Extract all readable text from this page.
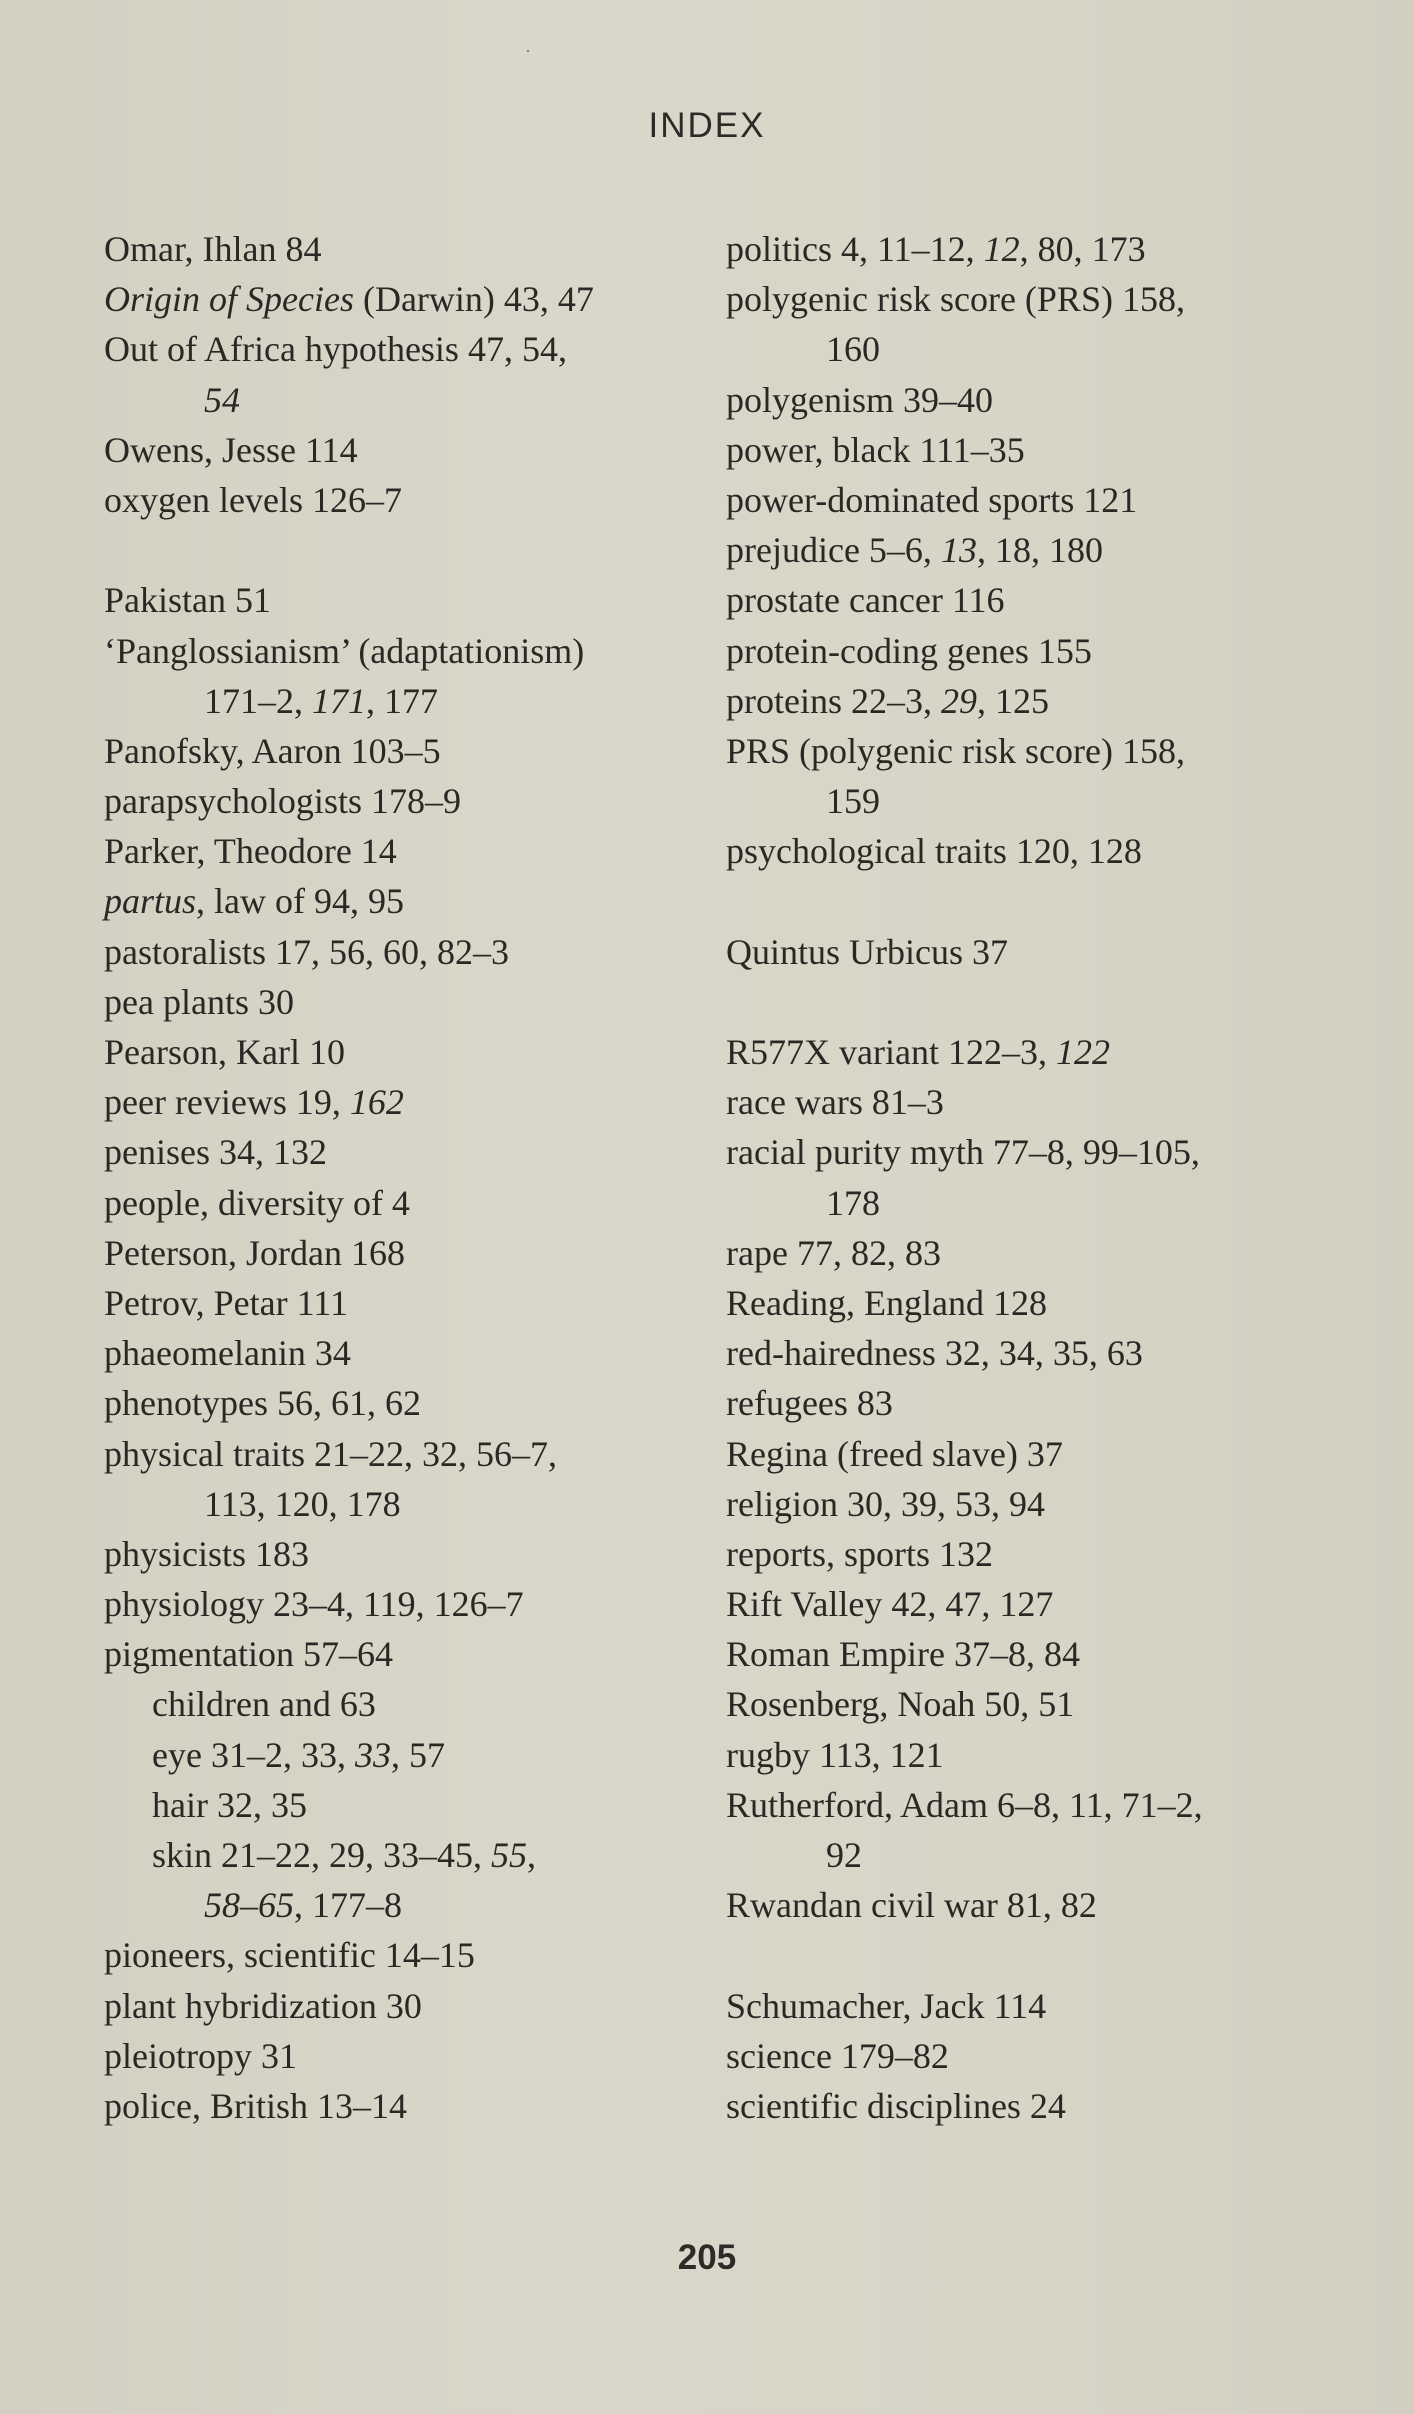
INDEX
Omar, Ihlan 84
Origin of Species (Darwin) 43, 47
Out of Africa hypothesis 47, 54,
54
Owens, Jesse 114
oxygen levels 126–7
Pakistan 51
‘Panglossianism’ (adaptationism)
171–2, 171, 177
Panofsky, Aaron 103–5
parapsychologists 178–9
Parker, Theodore 14
partus, law of 94, 95
pastoralists 17, 56, 60, 82–3
pea plants 30
Pearson, Karl 10
peer reviews 19, 162
penises 34, 132
people, diversity of 4
Peterson, Jordan 168
Petrov, Petar 111
phaeomelanin 34
phenotypes 56, 61, 62
physical traits 21–22, 32, 56–7,
113, 120, 178
physicists 183
physiology 23–4, 119, 126–7
pigmentation 57–64
children and 63
eye 31–2, 33, 33, 57
hair 32, 35
skin 21–22, 29, 33–45, 55,
58–65, 177–8
pioneers, scientific 14–15
plant hybridization 30
pleiotropy 31
police, British 13–14
politics 4, 11–12, 12, 80, 173
polygenic risk score (PRS) 158,
160
polygenism 39–40
power, black 111–35
power-dominated sports 121
prejudice 5–6, 13, 18, 180
prostate cancer 116
protein-coding genes 155
proteins 22–3, 29, 125
PRS (polygenic risk score) 158,
159
psychological traits 120, 128
Quintus Urbicus 37
R577X variant 122–3, 122
race wars 81–3
racial purity myth 77–8, 99–105,
178
rape 77, 82, 83
Reading, England 128
red-hairedness 32, 34, 35, 63
refugees 83
Regina (freed slave) 37
religion 30, 39, 53, 94
reports, sports 132
Rift Valley 42, 47, 127
Roman Empire 37–8, 84
Rosenberg, Noah 50, 51
rugby 113, 121
Rutherford, Adam 6–8, 11, 71–2,
92
Rwandan civil war 81, 82
Schumacher, Jack 114
science 179–82
scientific disciplines 24
205
